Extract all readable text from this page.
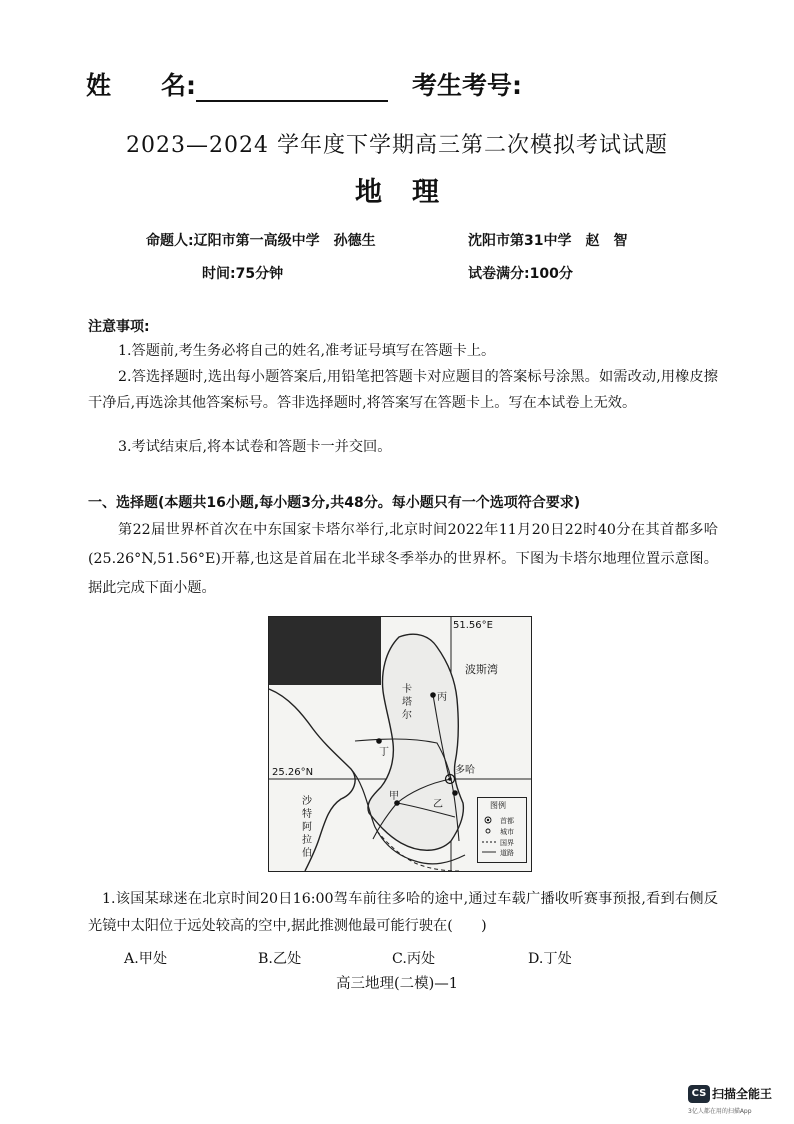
姓　　名:	考生考号:
2023—2024 学年度下学期高三第二次模拟考试试题
地理
命题人:辽阳市第一高级中学　孙德生	沈阳市第31中学　赵　智
时间:75分钟	试卷满分:100分
注意事项:
1.答题前,考生务必将自己的姓名,准考证号填写在答题卡上。
2.答选择题时,选出每小题答案后,用铅笔把答题卡对应题目的答案标号涂黑。如需改动,用橡皮擦干净后,再选涂其他答案标号。答非选择题时,将答案写在答题卡上。写在本试卷上无效。
3.考试结束后,将本试卷和答题卡一并交回。
一、选择题(本题共16小题,每小题3分,共48分。每小题只有一个选项符合要求)
第22届世界杯首次在中东国家卡塔尔举行,北京时间2022年11月20日22时40分在其首都多哈(25.26°N,51.56°E)开幕,也这是首届在北半球冬季举办的世界杯。下图为卡塔尔地理位置示意图。据此完成下面小题。
51.56°E
波斯湾
卡塔尔
丙
丁
25.26°N	多哈
甲
乙
沙特阿拉伯
图例
首都
城市
国界
道路
1.该国某球迷在北京时间20日16:00驾车前往多哈的途中,通过车载广播收听赛事预报,看到右侧反光镜中太阳位于远处较高的空中,据此推测他最可能行驶在(　　)
A.甲处	B.乙处	C.丙处	D.丁处
高三地理(二模)—1
CS 扫描全能王
3亿人都在用的扫描App
